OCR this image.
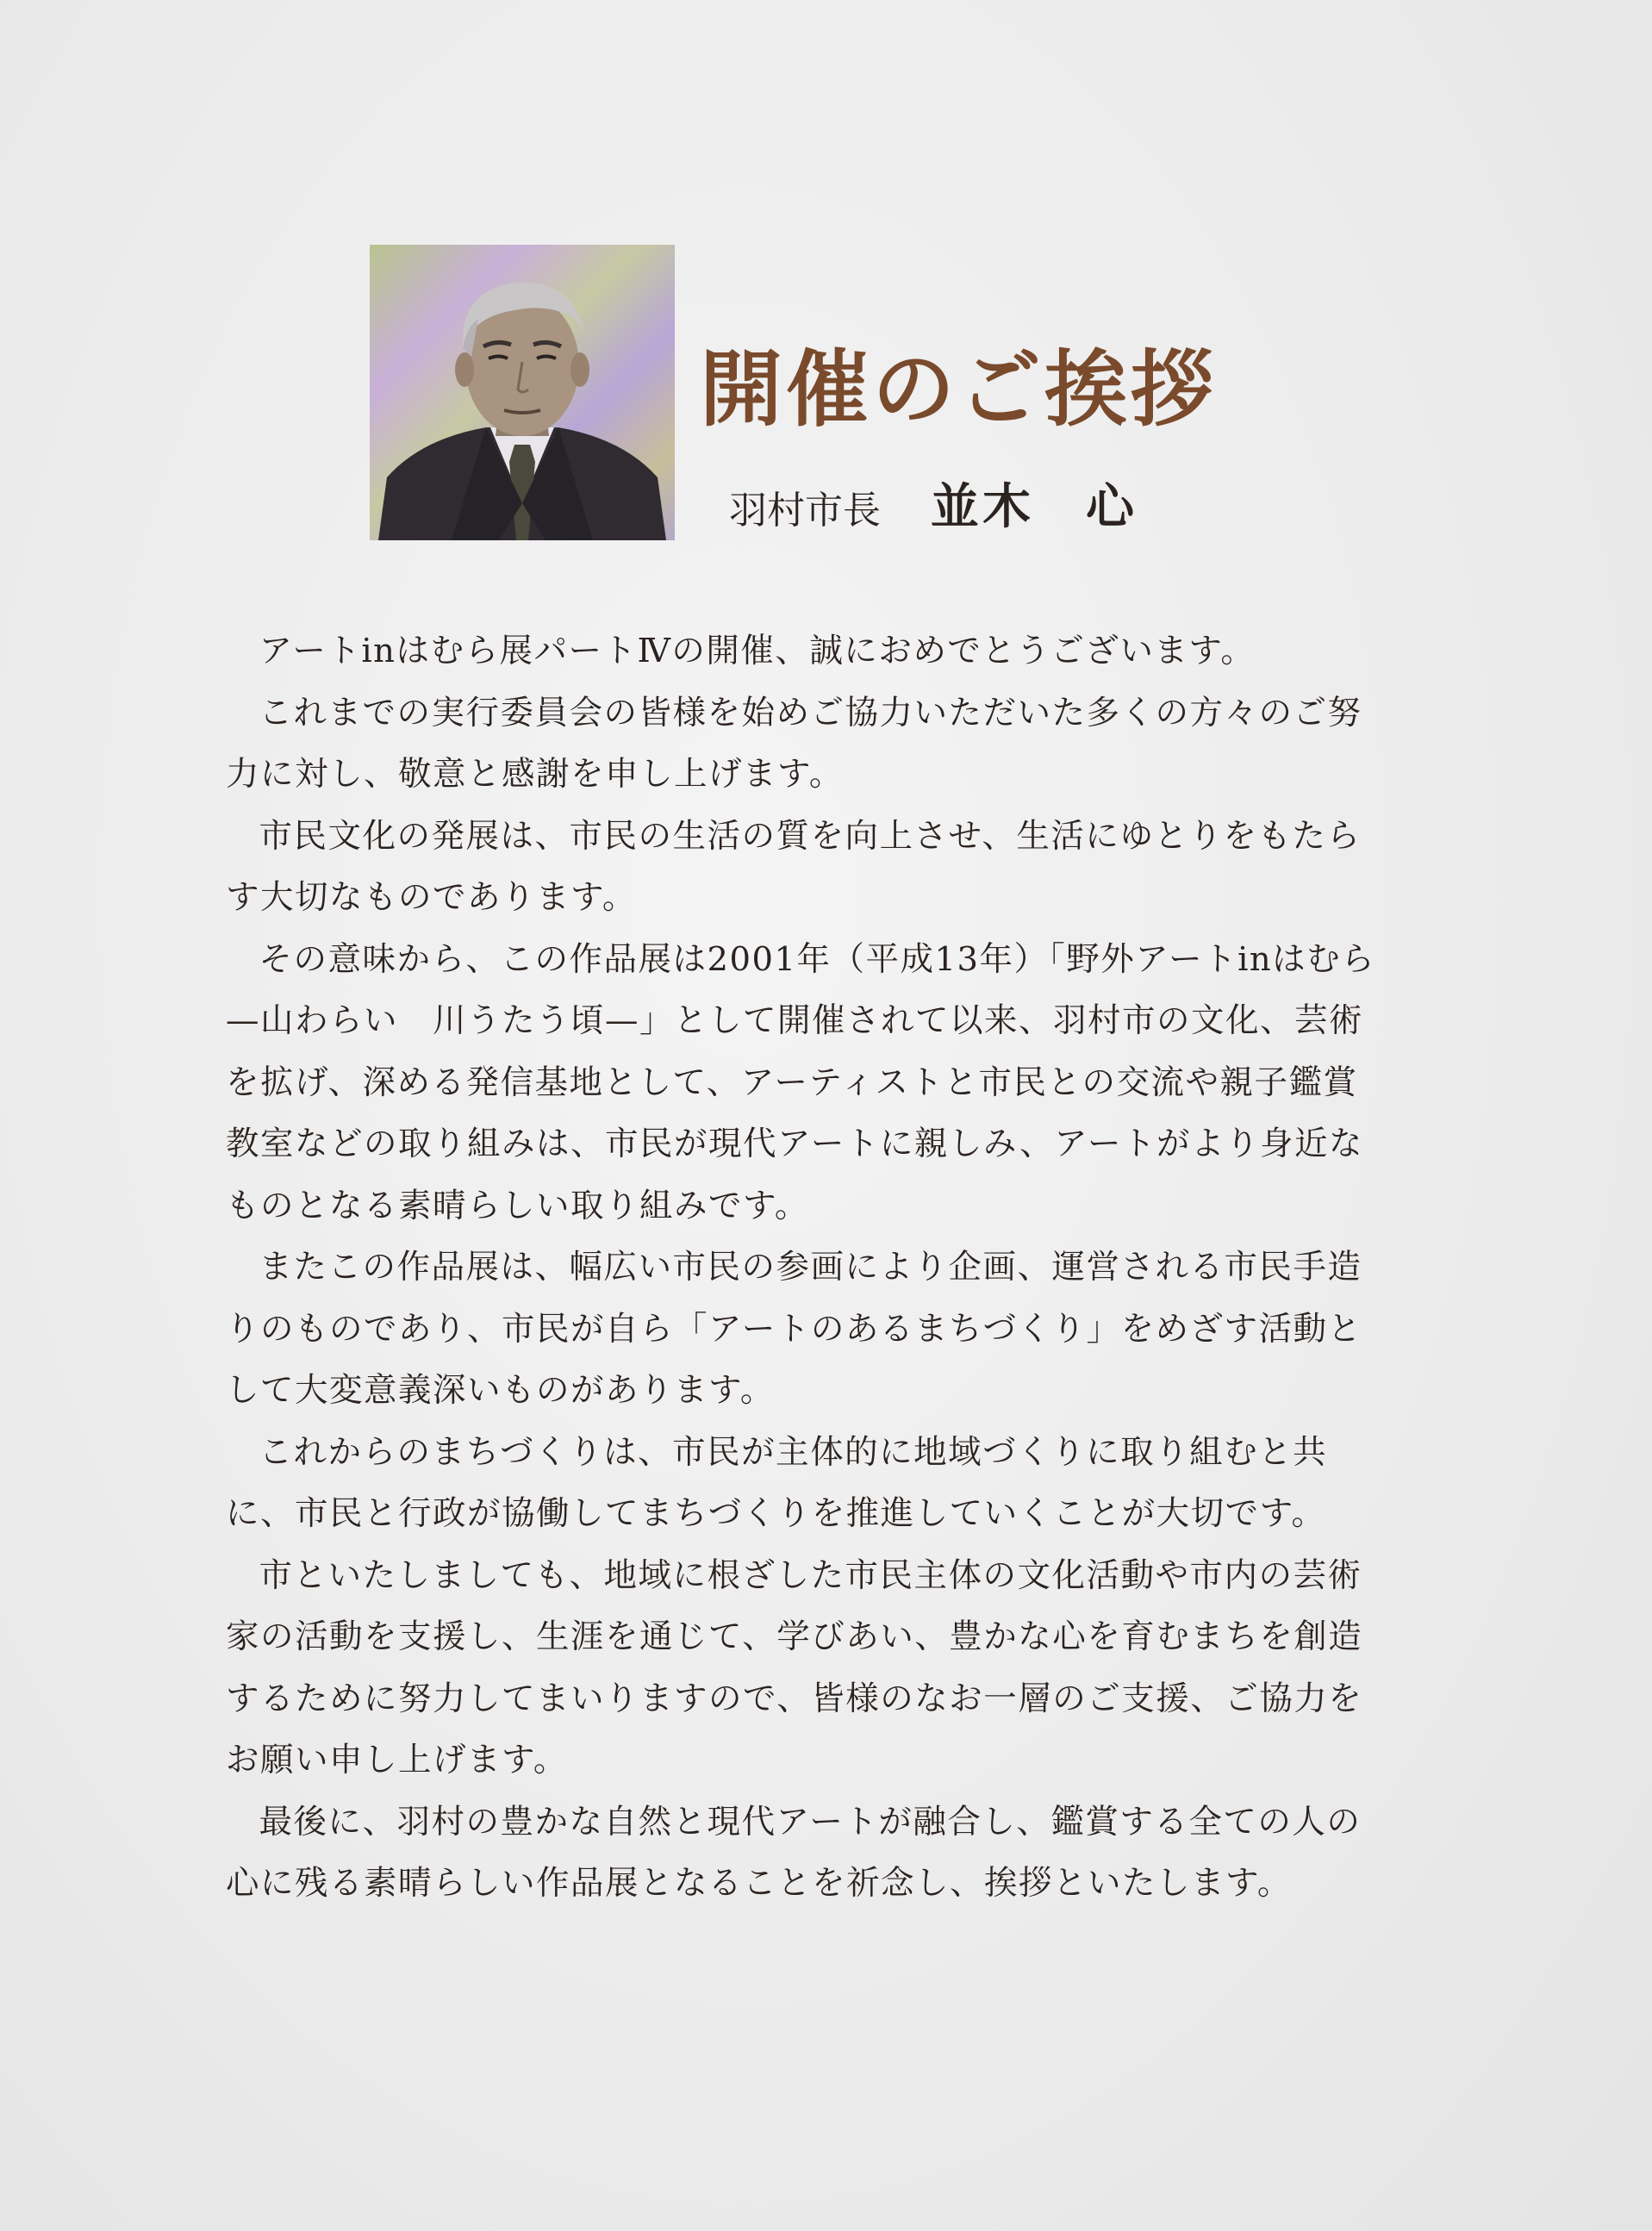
開催のご挨拶
羽村市長 並木　心

アートinはむら展パートⅣの開催、誠におめでとうございます。

これまでの実行委員会の皆様を始めご協力いただいた多くの方々のご努力に対し、敬意と感謝を申し上げます。

市民文化の発展は、市民の生活の質を向上させ、生活にゆとりをもたらす大切なものであります。

その意味から、この作品展は2001年（平成13年）「野外アートinはむら—山わらい　川うたう頃—」として開催されて以来、羽村市の文化、芸術を拡げ、深める発信基地として、アーティストと市民との交流や親子鑑賞教室などの取り組みは、市民が現代アートに親しみ、アートがより身近なものとなる素晴らしい取り組みです。

またこの作品展は、幅広い市民の参画により企画、運営される市民手造りのものであり、市民が自ら「アートのあるまちづくり」をめざす活動として大変意義深いものがあります。

これからのまちづくりは、市民が主体的に地域づくりに取り組むと共に、市民と行政が協働してまちづくりを推進していくことが大切です。

市といたしましても、地域に根ざした市民主体の文化活動や市内の芸術家の活動を支援し、生涯を通じて、学びあい、豊かな心を育むまちを創造するために努力してまいりますので、皆様のなお一層のご支援、ご協力をお願い申し上げます。

最後に、羽村の豊かな自然と現代アートが融合し、鑑賞する全ての人の心に残る素晴らしい作品展となることを祈念し、挨拶といたします。
